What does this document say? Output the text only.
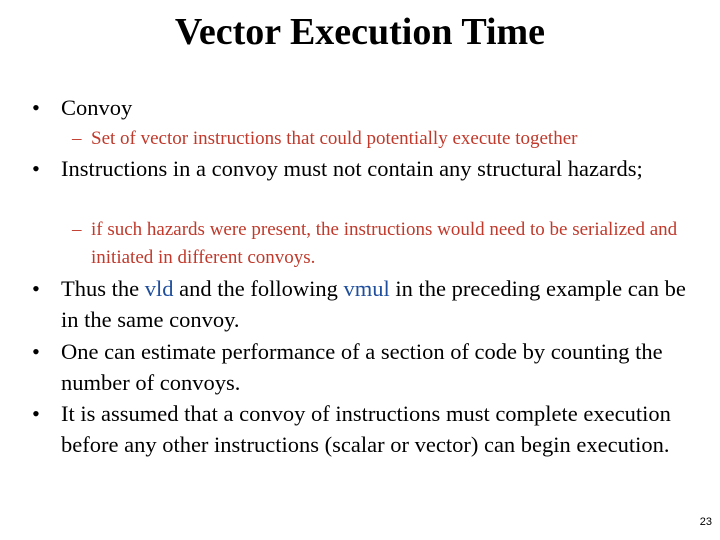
Vector Execution Time
• Convoy
– Set of vector instructions that could potentially execute together
• Instructions in a convoy must not contain any structural hazards;
– if such hazards were present, the instructions would need to be serialized and initiated in different convoys.
• Thus the vld and the following vmul in the preceding example can be in the same convoy.
• One can estimate performance of a section of code by counting the number of convoys.
• It is assumed that a convoy of instructions must complete execution before any other instructions (scalar or vector) can begin execution.
23
